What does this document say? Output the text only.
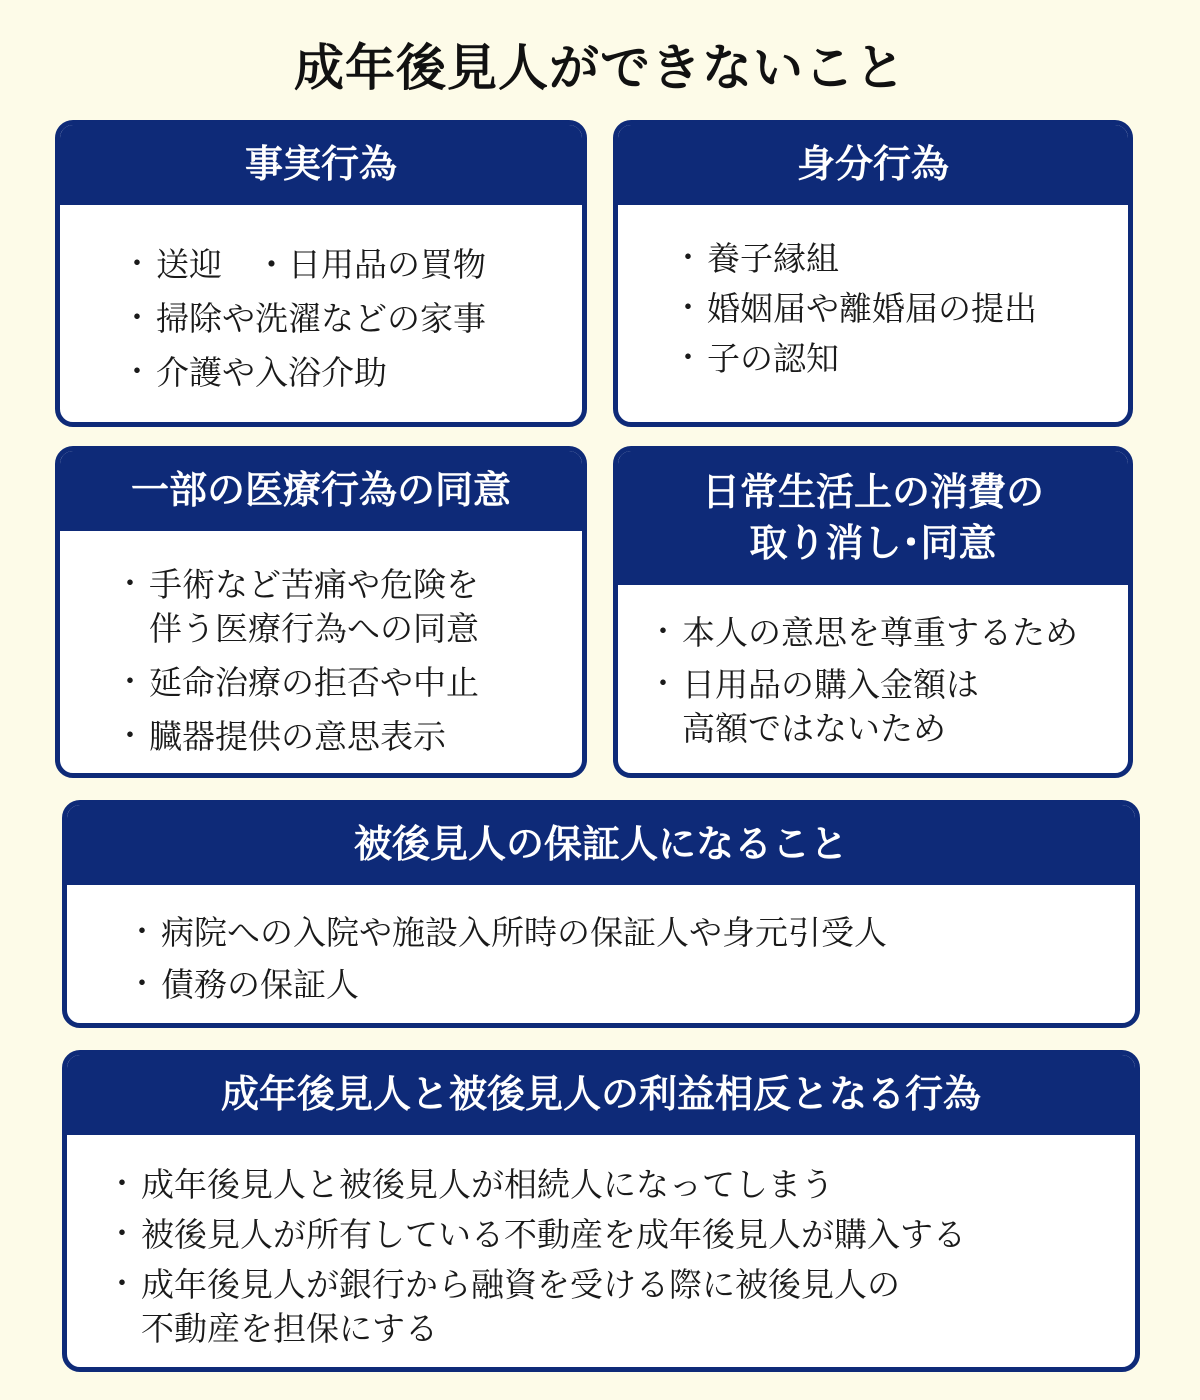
成年後見人ができないこと
事実行為
・ 送迎　・日用品の買物
・ 掃除や洗濯などの家事
・ 介護や入浴介助
身分行為
・ 養子縁組
・ 婚姻届や離婚届の提出
・ 子の認知
一部の医療行為の同意
・ 手術など苦痛や危険を
伴う医療行為への同意
・ 延命治療の拒否や中止
・ 臓器提供の意思表示
日常生活上の消費の
取り消し･同意
・ 本人の意思を尊重するため
・ 日用品の購入金額は
高額ではないため
被後見人の保証人になること
・ 病院への入院や施設入所時の保証人や身元引受人
・ 債務の保証人
成年後見人と被後見人の利益相反となる行為
・ 成年後見人と被後見人が相続人になってしまう
・ 被後見人が所有している不動産を成年後見人が購入する
・ 成年後見人が銀行から融資を受ける際に被後見人の
不動産を担保にする
